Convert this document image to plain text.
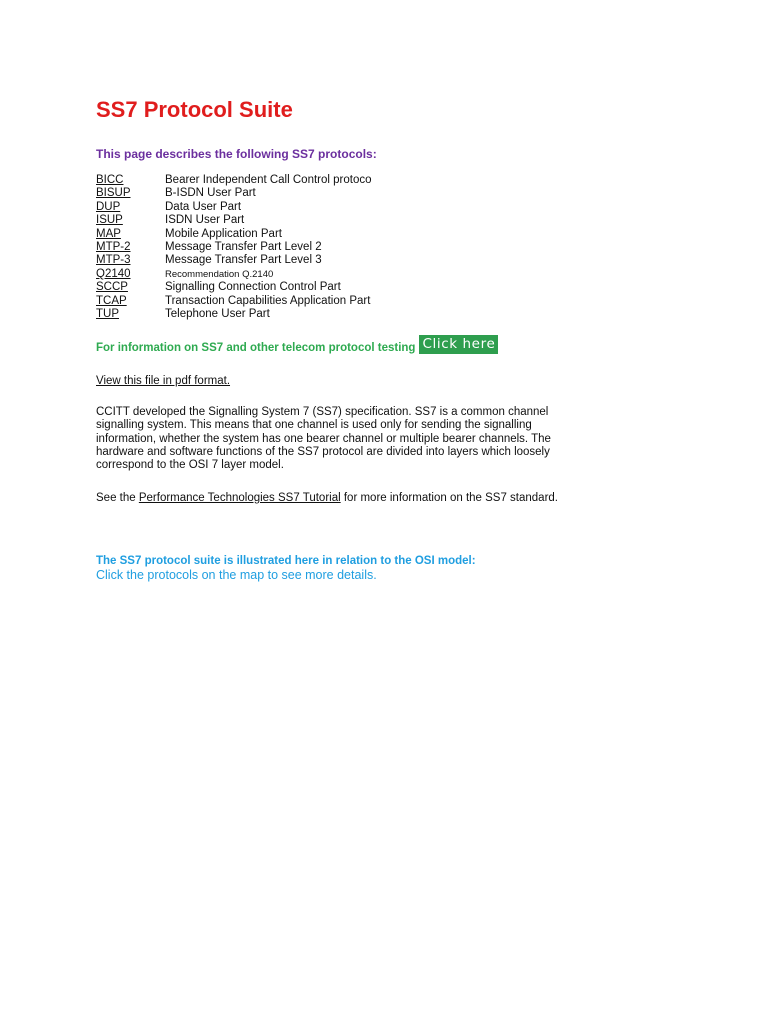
SS7 Protocol Suite
This page describes the following SS7 protocols:
BICC	Bearer Independent Call Control protoco
BISUP	B-ISDN User Part
DUP	Data User Part
ISUP	ISDN User Part
MAP	Mobile Application Part
MTP-2	Message Transfer Part Level 2
MTP-3	Message Transfer Part Level 3
Q2140	Recommendation Q.2140
SCCP	Signalling Connection Control Part
TCAP	Transaction Capabilities Application Part
TUP	Telephone User Part
For information on SS7 and other telecom protocol testing Click here
View this file in pdf format.

CCITT developed the Signalling System 7 (SS7) specification. SS7 is a common channel signalling system. This means that one channel is used only for sending the signalling information, whether the system has one bearer channel or multiple bearer channels. The hardware and software functions of the SS7 protocol are divided into layers which loosely correspond to the OSI 7 layer model.

See the Performance Technologies SS7 Tutorial for more information on the SS7 standard.

The SS7 protocol suite is illustrated here in relation to the OSI model:

Click the protocols on the map to see more details.
